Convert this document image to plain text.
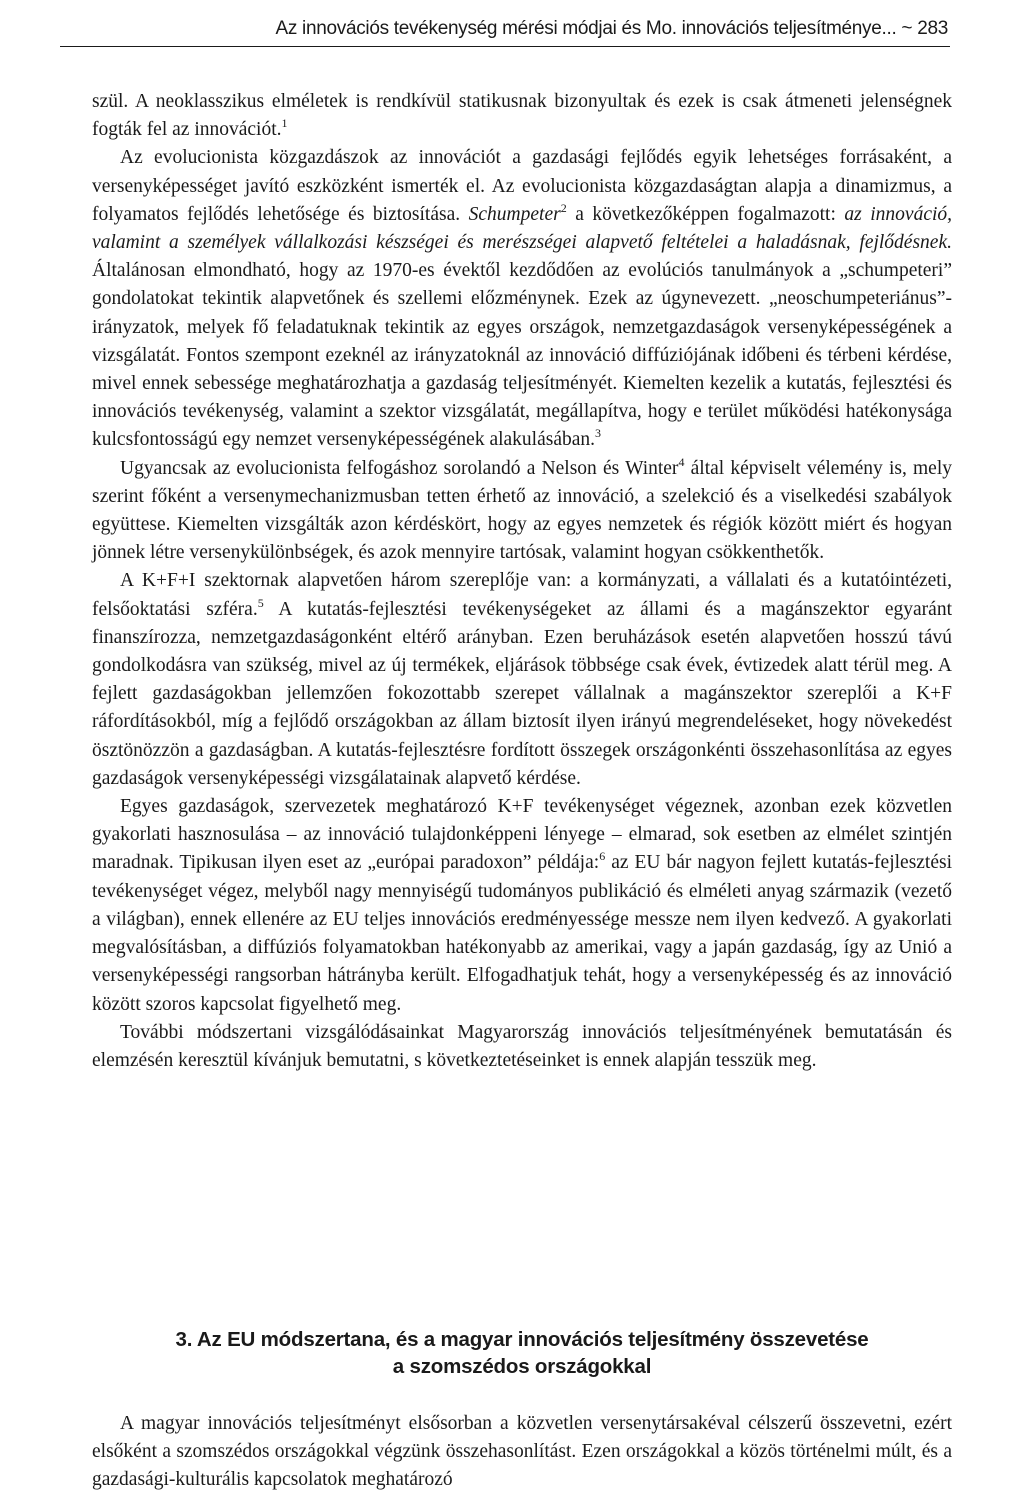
Az innovációs tevékenység mérési módjai és Mo. innovációs teljesítménye... ~ 283

szül. A neoklasszikus elméletek is rendkívül statikusnak bizonyultak és ezek is csak átmeneti jelenségnek fogták fel az innovációt.$^1$

Az evolucionista közgazdászok az innovációt a gazdasági fejlődés egyik lehetséges forrásaként, a versenyképességet javító eszközként ismerték el. Az evolucionista közgazdaságtan alapja a dinamizmus, a folyamatos fejlődés lehetősége és biztosítása. Schumpeter$^2$ a következőképpen fogalmazott: az innováció, valamint a személyek vállalkozási készségei és merészségei alapvető feltételei a haladásnak, fejlődésnek. Általánosan elmondható, hogy az 1970-es évektől kezdődően az evolúciós tanulmányok a „schumpeteri” gondolatokat tekintik alapvetőnek és szellemi előzménynek. Ezek az úgynevezett. „neoschumpeteriánus”-irányzatok, melyek fő feladatuknak tekintik az egyes országok, nemzetgazdaságok versenyképességének a vizsgálatát. Fontos szempont ezeknél az irányzatoknál az innováció diffúziójának időbeni és térbeni kérdése, mivel ennek sebessége meghatározhatja a gazdaság teljesítményét. Kiemelten kezelik a kutatás, fejlesztési és innovációs tevékenység, valamint a szektor vizsgálatát, megállapítva, hogy e terület működési hatékonysága kulcsfontosságú egy nemzet versenyképességének alakulásában.$^3$

Ugyancsak az evolucionista felfogáshoz sorolandó a Nelson és Winter$^4$ által képviselt vélemény is, mely szerint főként a versenymechanizmusban tetten érhető az innováció, a szelekció és a viselkedési szabályok együttese. Kiemelten vizsgálták azon kérdéskört, hogy az egyes nemzetek és régiók között miért és hogyan jönnek létre versenykülönbségek, és azok mennyire tartósak, valamint hogyan csökkenthetők.

A K+F+I szektornak alapvetően három szereplője van: a kormányzati, a vállalati és a kutatóintézeti, felsőoktatási szféra.$^5$ A kutatás-fejlesztési tevékenységeket az állami és a magánszektor egyaránt finanszírozza, nemzetgazdaságonként eltérő arányban. Ezen beruházások esetén alapvetően hosszú távú gondolkodásra van szükség, mivel az új termékek, eljárások többsége csak évek, évtizedek alatt térül meg. A fejlett gazdaságokban jellemzően fokozottabb szerepet vállalnak a magánszektor szereplői a K+F ráfordításokból, míg a fejlődő országokban az állam biztosít ilyen irányú megrendeléseket, hogy növekedést ösztönözzön a gazdaságban. A kutatás-fejlesztésre fordított összegek országonkénti összehasonlítása az egyes gazdaságok versenyképességi vizsgálatainak alapvető kérdése.

Egyes gazdaságok, szervezetek meghatározó K+F tevékenységet végeznek, azonban ezek közvetlen gyakorlati hasznosulása – az innováció tulajdonképpeni lényege – elmarad, sok esetben az elmélet szintjén maradnak. Tipikusan ilyen eset az „európai paradoxon” példája:$^6$ az EU bár nagyon fejlett kutatás-fejlesztési tevékenységet végez, melyből nagy mennyiségű tudományos publikáció és elméleti anyag származik (vezető a világban), ennek ellenére az EU teljes innovációs eredményessége messze nem ilyen kedvező. A gyakorlati megvalósításban, a diffúziós folyamatokban hatékonyabb az amerikai, vagy a japán gazdaság, így az Unió a versenyképességi rangsorban hátrányba került. Elfogadhatjuk tehát, hogy a versenyképesség és az innováció között szoros kapcsolat figyelhető meg.

További módszertani vizsgálódásainkat Magyarország innovációs teljesítményének bemutatásán és elemzésén keresztül kívánjuk bemutatni, s következtetéseinket is ennek alapján tesszük meg.

3. Az EU módszertana, és a magyar innovációs teljesítmény összevetése
a szomszédos országokkal

A magyar innovációs teljesítményt elsősorban a közvetlen versenytársakéval célszerű összevetni, ezért elsőként a szomszédos országokkal végzünk összehasonlítást. Ezen országokkal a közös történelmi múlt, és a gazdasági-kulturális kapcsolatok meghatározó
